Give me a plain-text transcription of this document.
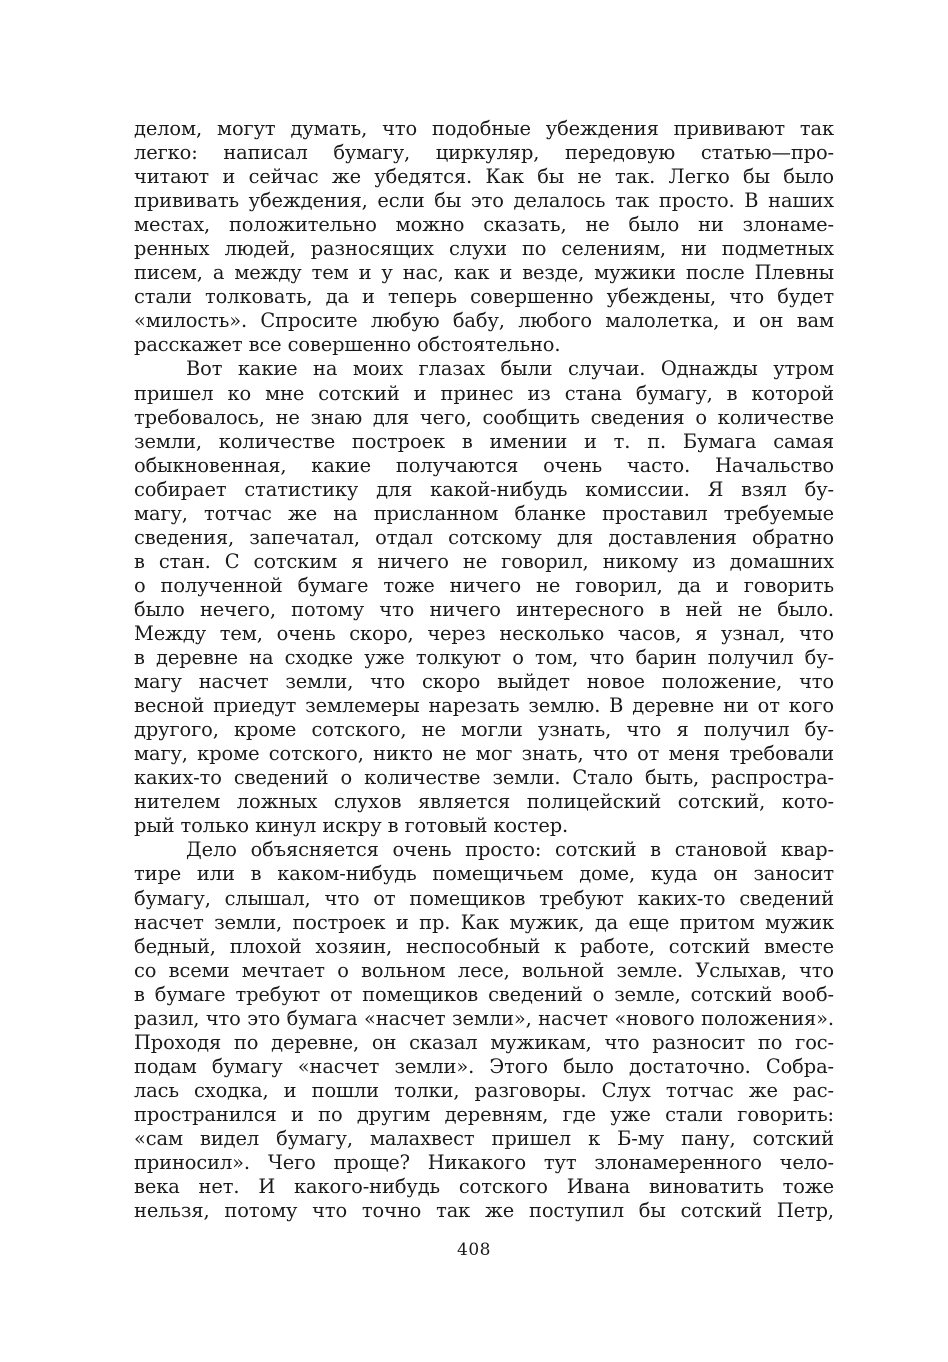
делом, могут думать, что подобные убеждения прививают так
легко: написал бумагу, циркуляр, передовую статью—про-
читают и сейчас же убедятся. Как бы не так. Легко бы было
прививать убеждения, если бы это делалось так просто. В наших
местах, положительно можно сказать, не было ни злонаме-
ренных людей, разносящих слухи по селениям, ни подметных
писем, а между тем и у нас, как и везде, мужики после Плевны
стали толковать, да и теперь совершенно убеждены, что будет
«милость». Спросите любую бабу, любого малолетка, и он вам
расскажет все совершенно обстоятельно.
Вот какие на моих глазах были случаи. Однажды утром
пришел ко мне сотский и принес из стана бумагу, в которой
требовалось, не знаю для чего, сообщить сведения о количестве
земли, количестве построек в имении и т. п. Бумага самая
обыкновенная, какие получаются очень часто. Начальство
собирает статистику для какой-нибудь комиссии. Я взял бу-
магу, тотчас же на присланном бланке проставил требуемые
сведения, запечатал, отдал сотскому для доставления обратно
в стан. С сотским я ничего не говорил, никому из домашних
о полученной бумаге тоже ничего не говорил, да и говорить
было нечего, потому что ничего интересного в ней не было.
Между тем, очень скоро, через несколько часов, я узнал, что
в деревне на сходке уже толкуют о том, что барин получил бу-
магу насчет земли, что скоро выйдет новое положение, что
весной приедут землемеры нарезать землю. В деревне ни от кого
другого, кроме сотского, не могли узнать, что я получил бу-
магу, кроме сотского, никто не мог знать, что от меня требовали
каких-то сведений о количестве земли. Стало быть, распростра-
нителем ложных слухов является полицейский сотский, кото-
рый только кинул искру в готовый костер.
Дело объясняется очень просто: сотский в становой квар-
тире или в каком-нибудь помещичьем доме, куда он заносит
бумагу, слышал, что от помещиков требуют каких-то сведений
насчет земли, построек и пр. Как мужик, да еще притом мужик
бедный, плохой хозяин, неспособный к работе, сотский вместе
со всеми мечтает о вольном лесе, вольной земле. Услыхав, что
в бумаге требуют от помещиков сведений о земле, сотский вооб-
разил, что это бумага «насчет земли», насчет «нового положения».
Проходя по деревне, он сказал мужикам, что разносит по гос-
подам бумагу «насчет земли». Этого было достаточно. Собра-
лась сходка, и пошли толки, разговоры. Слух тотчас же рас-
пространился и по другим деревням, где уже стали говорить:
«сам видел бумагу, малахвест пришел к Б-му пану, сотский
приносил». Чего проще? Никакого тут злонамеренного чело-
века нет. И какого-нибудь сотского Ивана виноватить тоже
нельзя, потому что точно так же поступил бы сотский Петр,
408
